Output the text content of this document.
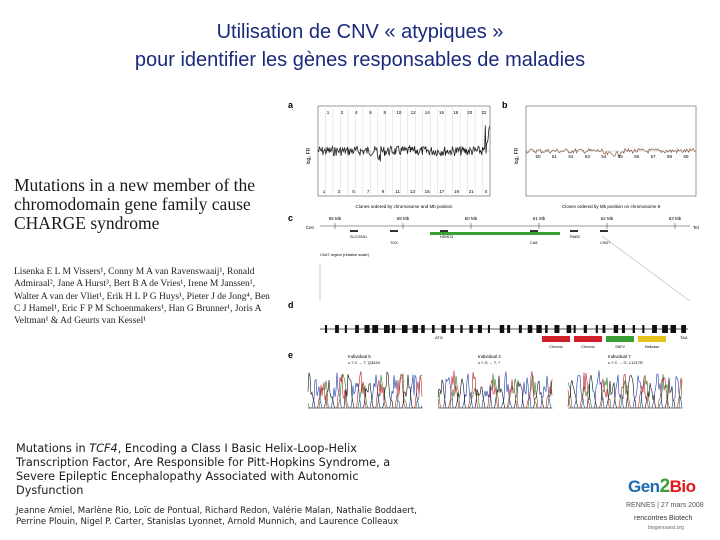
Utilisation de CNV « atypiques »
pour identifier les gènes responsables de maladies
Mutations in a new member of the chromodomain gene family cause CHARGE syndrome
Lisenka E L M Vissers¹, Conny M A van Ravenswaaij¹, Ronald Admiraal², Jane A Hurst³, Bert B A de Vries¹, Irene M Janssen¹, Walter A van der Vliet¹, Erik H L P G Huys¹, Pieter J de Jong⁴, Ben C J Hamel¹, Eric F P M Schoenmakers¹, Han G Brunner¹, Joris A Veltman¹ & Ad Geurts van Kessel¹
Mutations in TCF4, Encoding a Class I Basic Helix-Loop-Helix Transcription Factor, Are Responsible for Pitt-Hopkins Syndrome, a Severe Epileptic Encephalopathy Associated with Autonomic Dysfunction
Jeanne Amiel, Marlène Rio, Loïc de Pontual, Richard Redon, Valérie Malan, Nathalie Boddaert, Perrine Plouin, Nigel P. Carter, Stanislas Lyonnet, Arnold Munnich, and Laurence Colleaux
a	b
c
d
e
log₂ FR
1	2	4	6	8 10 12 14 16 18 20 22
1	3	5	7	9 11 13 15 17 19 21 X
Clones ordered by chromosome and Mb position
log₂ FR	50	51	52	53	54	55	56	57	58	59
Clones ordered by Mb position on chromosome 8
Cen	Tel
55 Mb	58 Mb	60 Mb	61 Mb	62 Mb	63 Mb
SLCO5A1
TOX
HDHD3
CA8
RAB2
CHD7
Chd7 region (relative scale)
ATG	TAA
Chromo	Chromo	SNF2	Helicase
Individual 5
c.? C → T, Q343X
Individual 2
c.? G → T, ?
Individual 7
c.? C → G, L1217R
Gen2Bio
RENNES | 27 mars 2008
rencontres Biotech
biogenouest.org
